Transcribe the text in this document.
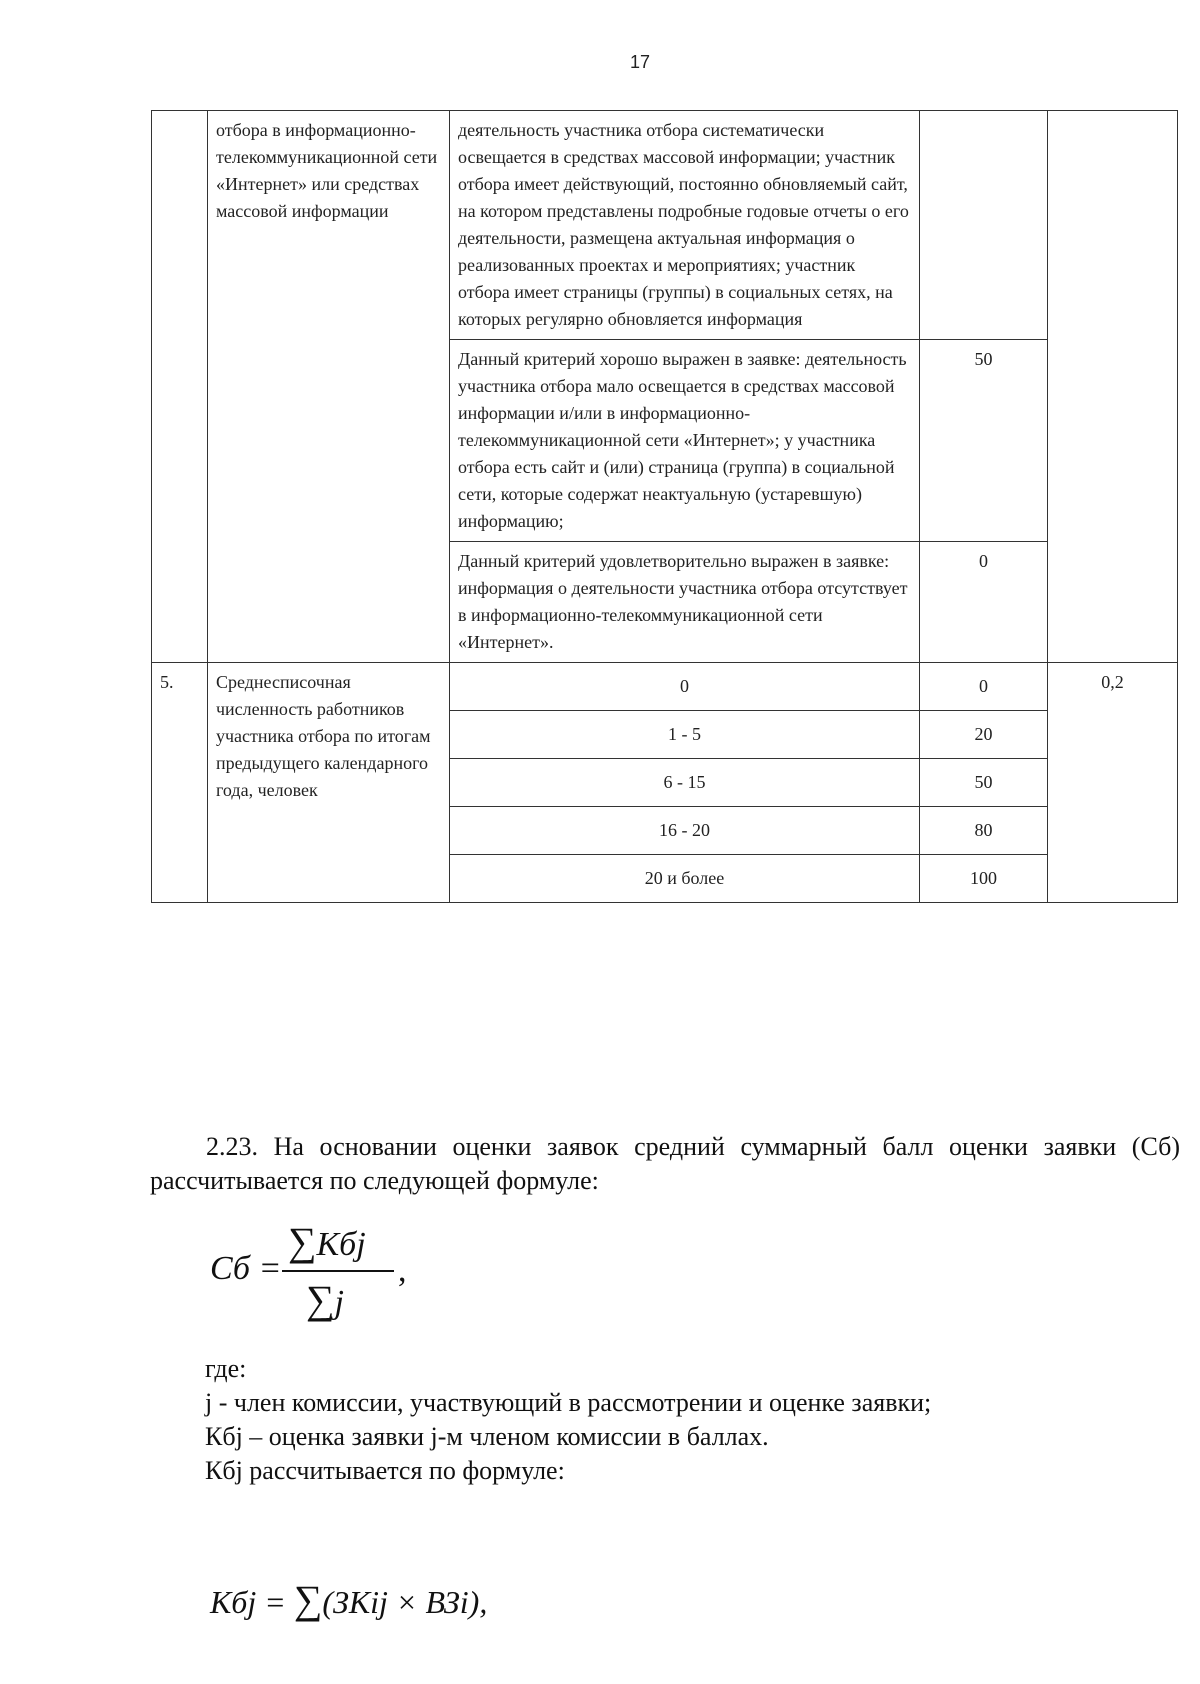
17
	отбора в информационно-телекоммуникационной сети «Интернет» или средствах массовой информации	деятельность участника отбора систематически освещается в средствах массовой информации; участник отбора имеет действующий, постоянно обновляемый сайт, на котором представлены подробные годовые отчеты о его деятельности, размещена актуальная информация о реализованных проектах и мероприятиях; участник отбора имеет страницы (группы) в социальных сетях, на которых регулярно обновляется информация		
		Данный критерий хорошо выражен в заявке: деятельность участника отбора мало освещается в средствах массовой информации и/или в информационно-телекоммуникационной сети «Интернет»; у участника отбора есть сайт и (или) страница (группа) в социальной сети, которые содержат неактуальную (устаревшую) информацию;	50	
		Данный критерий удовлетворительно выражен в заявке: информация о деятельности участника отбора отсутствует в информационно-телекоммуникационной сети «Интернет».	0	
5.	Среднесписочная численность работников участника отбора по итогам предыдущего календарного года, человек	0	0	0,2
		1 - 5	20	
		6 - 15	50	
		16 - 20	80	
		20 и более	100	
2.23. На основании оценки заявок средний суммарный балл оценки заявки (Сб) рассчитывается по следующей формуле:
Сб =
∑Кбj
∑j
,
где:
j - член комиссии, участвующий в рассмотрении и оценке заявки;
Кбj – оценка заявки j-м членом комиссии в баллах.
Кбj рассчитывается по формуле:
Кбj = ∑(ЗКij × ВЗi),
